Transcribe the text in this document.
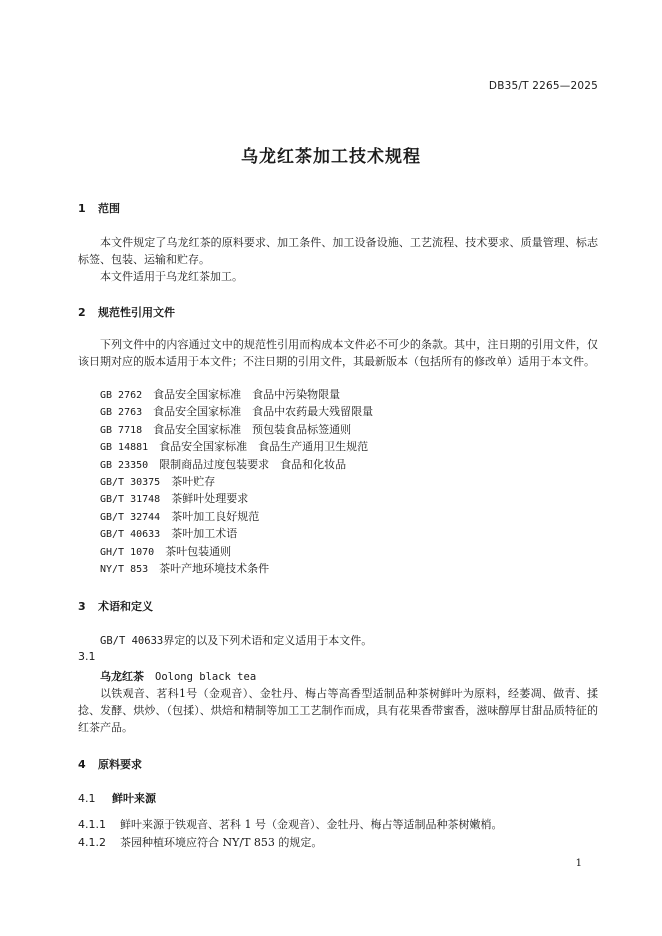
DB35/T 2265—2025
乌龙红茶加工技术规程
1 范围
本文件规定了乌龙红茶的原料要求、加工条件、加工设备设施、工艺流程、技术要求、质量管理、标志标签、包装、运输和贮存。
本文件适用于乌龙红茶加工。
2 规范性引用文件
下列文件中的内容通过文中的规范性引用而构成本文件必不可少的条款。其中，注日期的引用文件，仅该日期对应的版本适用于本文件；不注日期的引用文件，其最新版本（包括所有的修改单）适用于本文件。
GB 2762　 食品安全国家标准　食品中污染物限量
GB 2763　 食品安全国家标准　食品中农药最大残留限量
GB 7718　 食品安全国家标准　预包装食品标签通则
GB 14881　 食品安全国家标准　食品生产通用卫生规范
GB 23350　 限制商品过度包装要求　食品和化妆品
GB/T 30375　 茶叶贮存
GB/T 31748　 茶鲜叶处理要求
GB/T 32744　 茶叶加工良好规范
GB/T 40633　 茶叶加工术语
GH/T 1070　 茶叶包装通则
NY/T 853　 茶叶产地环境技术条件
3 术语和定义
GB/T 40633界定的以及下列术语和定义适用于本文件。
3.1
乌龙红茶　 Oolong black tea
以铁观音、茗科1号（金观音）、金牡丹、梅占等高香型适制品种茶树鲜叶为原料，经萎凋、做青、揉捻、发酵、烘炒、（包揉）、烘焙和精制等加工工艺制作而成，具有花果香带蜜香，滋味醇厚甘甜品质特征的红茶产品。
4 原料要求
4.1 鲜叶来源
4.1.1 鲜叶来源于铁观音、茗科 1 号（金观音）、金牡丹、梅占等适制品种茶树嫩梢。
4.1.2 茶园种植环境应符合 NY/T 853 的规定。
1
